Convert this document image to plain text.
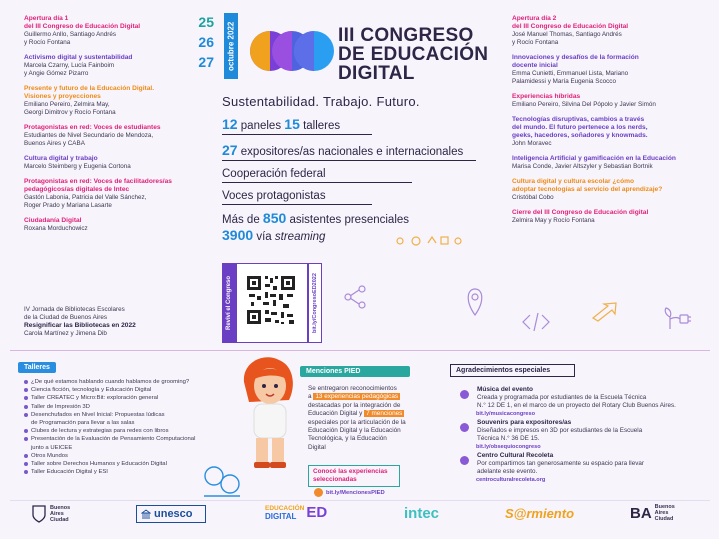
Apertura día 1
del III Congreso de Educación Digital
Guillermo Anllo, Santiago Andrés
y Rocío Fontana
Activismo digital y sustentabilidad
Marcela Czarny, Lucía Fainboim
y Angie Gómez Pizarro
Presente y futuro de la Educación Digital.
Visiones y proyecciones
Emiliano Pereiro, Zelmira May,
Georgi Dimitrov y Rocío Fontana
Protagonistas en red: Voces de estudiantes
Estudiantes de Nivel Secundario de Mendoza,
Buenos Aires y CABA
Cultura digital y trabajo
Marcelo Steimberg y Eugenia Cortona
Protagonistas en red: Voces de facilitadores/as
pedagógicos/as digitales de Intec
Gastón Labonia, Patricia del Valle Sánchez,
Roger Prado y Mariana Lasarte
Ciudadanía Digital
Roxana Morduchowicz
IV Jornada de Bibliotecas Escolares
de la Ciudad de Buenos Aires
Resignificar las Bibliotecas en 2022
Carola Martínez y Jimena Dib
Apertura día 2
del III Congreso de Educación Digital
José Manuel Thomas, Santiago Andrés
y Rocío Fontana
Innovaciones y desafíos de la formación
docente inicial
Emma Cunietti, Emmanuel Lista, Mariano
Palamidessi y María Eugenia Scocco
Experiencias híbridas
Emiliano Pereiro, Silvina Del Pópolo y Javier Simón
Tecnologías disruptivas, cambios a través
del mundo. El futuro pertenece a los nerds,
geeks, hacedores, soñadores y knowmads.
John Moravec
Inteligencia Artificial y gamificación en la Educación
Marisa Conde, Javier Altszyler y Sebastian Bortnik
Cultura digital y cultura escolar ¿cómo
adoptar tecnologías al servicio del aprendizaje?
Cristóbal Cobo
Cierre del III Congreso de Educación digital
Zelmira May y Rocío Fontana
25
26
27	octubre 2022	III CONGRESO
DE EDUCACIÓN
DIGITAL
Sustentabilidad. Trabajo. Futuro.
12 paneles 15 talleres
27 expositores/as nacionales e internacionales
Cooperación federal
Voces protagonistas
Más de 850 asistentes presenciales
3900 vía streaming
Reviví el Congreso	bit.ly/CongresoED2022
Talleres
¿De qué estamos hablando cuando hablamos de grooming?
Ciencia ficción, tecnología y Educación Digital
Taller CREATEC y Micro:Bit: exploración general
Taller de Impresión 3D
Desenchufados en Nivel Inicial: Propuestas lúdicas
de Programación para llevar a las salas
Clubes de lectura y estrategias para redes con libros
Presentación de la Evaluación de Pensamiento Computacional
junto a UEICEE
Otros Mundos
Taller sobre Derechos Humanos y Educación Digital
Taller Educación Digital y ESI
Menciones PIED
Se entregaron reconocimientos
a 13 experiencias pedagógicas
destacadas por la integración de
Educación Digital y 7 menciones
especiales por la articulación de la
Educación Digital y la Educación
Tecnológica, y la Educación
Digital
Conocé las experiencias
seleccionadas
bit.ly/MencionesPIED
Agradecimientos especiales
Música del evento
Creada y programada por estudiantes de la Escuela Técnica
N.° 12 DE 1, en el marco de un proyecto del Rotary Club Buenos Aires.
bit.ly/musicacongreso
Souvenirs para expositores/as
Diseñados e impresos en 3D por estudiantes de la Escuela
Técnica N.° 36 DE 15.
bit.ly/obsequiocongreso
Centro Cultural Recoleta
Por compartirnos tan generosamente su espacio para llevar
adelante este evento.
centroculturalrecoleta.org
Buenos
Aires
Ciudad	unesco	EDUCACIÓN
DIGITAL ED	intec	S@rmiento	BA Buenos
Aires
Ciudad
